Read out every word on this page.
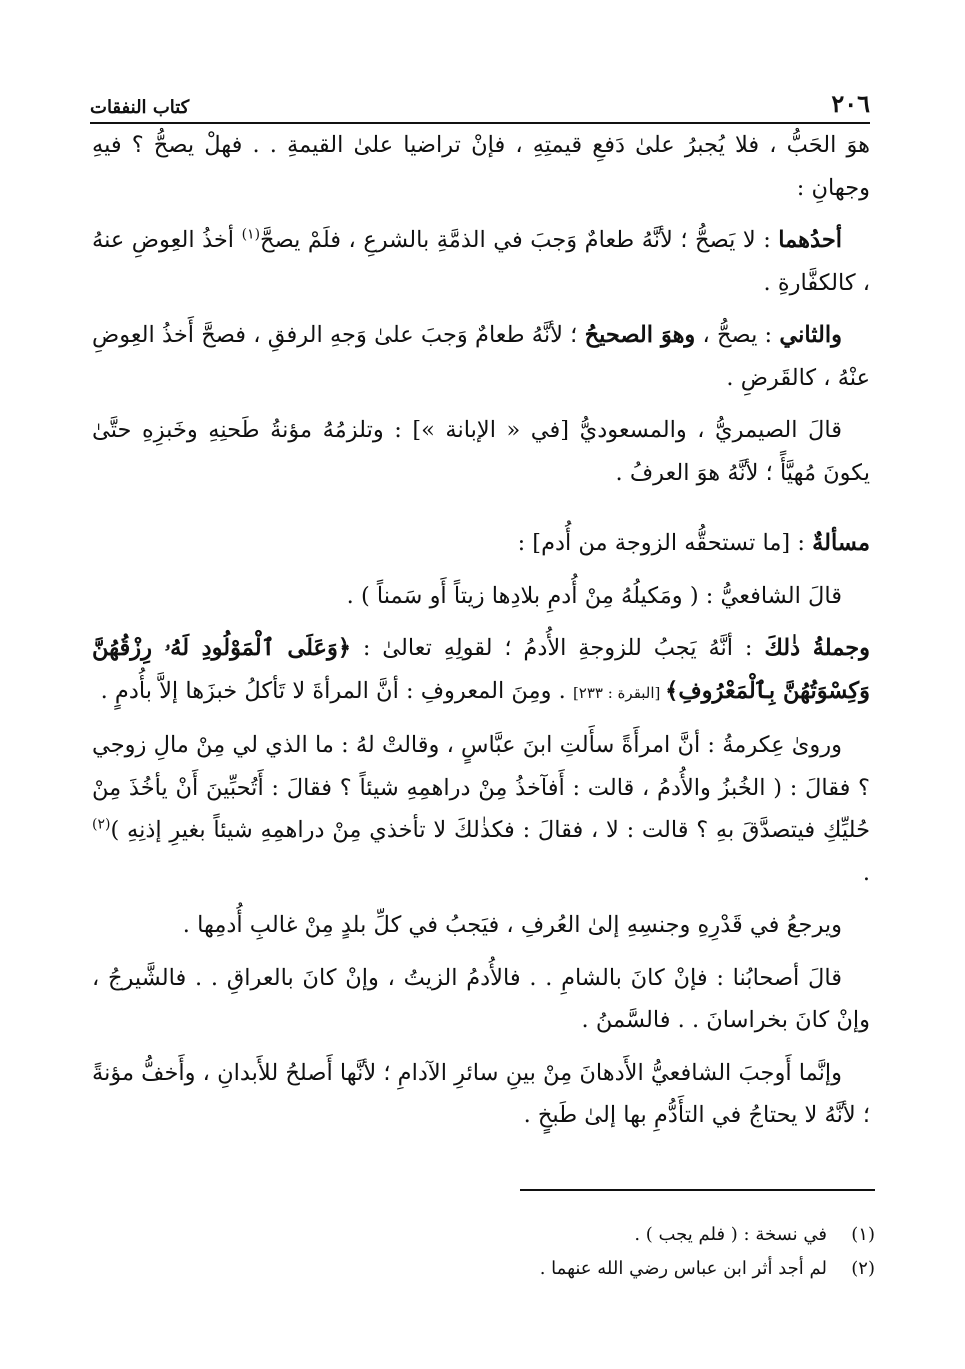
٢٠٦
كتاب النفقات

هوَ الحَبُّ ، فلا يُجبرُ علىٰ دَفعِ قيمتِهِ ، فإنْ تراضيا علىٰ القيمةِ . . فهلْ يصحُّ ؟ فيهِ وجهانِ :

أحدُهما : لا يَصحُّ ؛ لأنَّهُ طعامٌ وَجبَ في الذمَّةِ بالشرعِ ، فلَمْ يصحَّ$^{(١)}$ أخذُ العِوضِ عنهُ ، كالكفَّارةِ .

والثاني : يصحُّ ، وهوَ الصحيحُ ؛ لأنَّهُ طعامٌ وَجبَ علىٰ وَجهِ الرفقِ ، فصحَّ أَخذُ العِوضِ عنْهُ ، كالقَرضِ .

قالَ الصيمريُّ ، والمسعوديُّ [في « الإبانة »] : وتلزمُهُ مؤنةُ طَحنِهِ وخَبزِهِ حتَّىٰ يكونَ مُهيَّأً ؛ لأنَّهُ هوَ العرفُ .

مسألةٌ : [ما تستحقُّه الزوجة من أُدم] :

قالَ الشافعيُّ : ( ومَكيلُهُ مِنْ أُدمِ بلادِها زيتاً أَو سَمناً ) .

وجملةُ ذٰلكَ : أنَّهُ يَجبُ للزوجةِ الأُدمُ ؛ لقولِهِ تعالىٰ : ﴿وَعَلَى ٱلْمَوْلُودِ لَهُۥ رِزْقُهُنَّ وَكِسْوَتُهُنَّ بِٱلْمَعْرُوفِ﴾ [البقرة : ٢٣٣] . ومِنَ المعروفِ : أنَّ المرأةَ لا تَأكلُ خبزَها إلاَّ بأُدمٍ .

وروىٰ عِكرمةُ : أنَّ امرأَةً سأَلتِ ابنَ عبَّاسٍ ، وقالتْ لهُ : ما الذي لي مِنْ مالِ زوجي ؟ فقالَ : ( الخُبزُ والأُدمُ ، قالت : أَفآخذُ مِنْ دراهمِهِ شيئاً ؟ فقالَ : أَتُحبِّينَ أَنْ يأخُذَ مِنْ حُليِّكِ فيتصدَّقَ بهِ ؟ قالت : لا ، فقالَ : فكذٰلكَ لا تأخذي مِنْ دراهمِهِ شيئاً بغيرِ إذنِهِ )$^{(٢)}$ .

ويرجعُ في قَدْرِهِ وجنسِهِ إلىٰ العُرفِ ، فيَجبُ في كلِّ بلدٍ مِنْ غالبِ أُدمِها .

قالَ أصحابُنا : فإنْ كانَ بالشامِ . . فالأُدمُ الزيتُ ، وإنْ كانَ بالعراقِ . . فالشَّيرجُ ، وإنْ كانَ بخراسانَ . . فالسَّمنُ .

وإنَّما أَوجبَ الشافعيُّ الأَدهانَ مِنْ بينِ سائرِ الآدامِ ؛ لأنَّها أَصلحُ للأَبدانِ ، وأَخفُّ مؤنةً ؛ لأنَّهُ لا يحتاجُ في التأَدُّمِ بها إلىٰ طَبخٍ .

(١)
في نسخة : ( فلم يجب ) .
(٢)
لم أجد أثر ابن عباس رضي الله عنهما .
